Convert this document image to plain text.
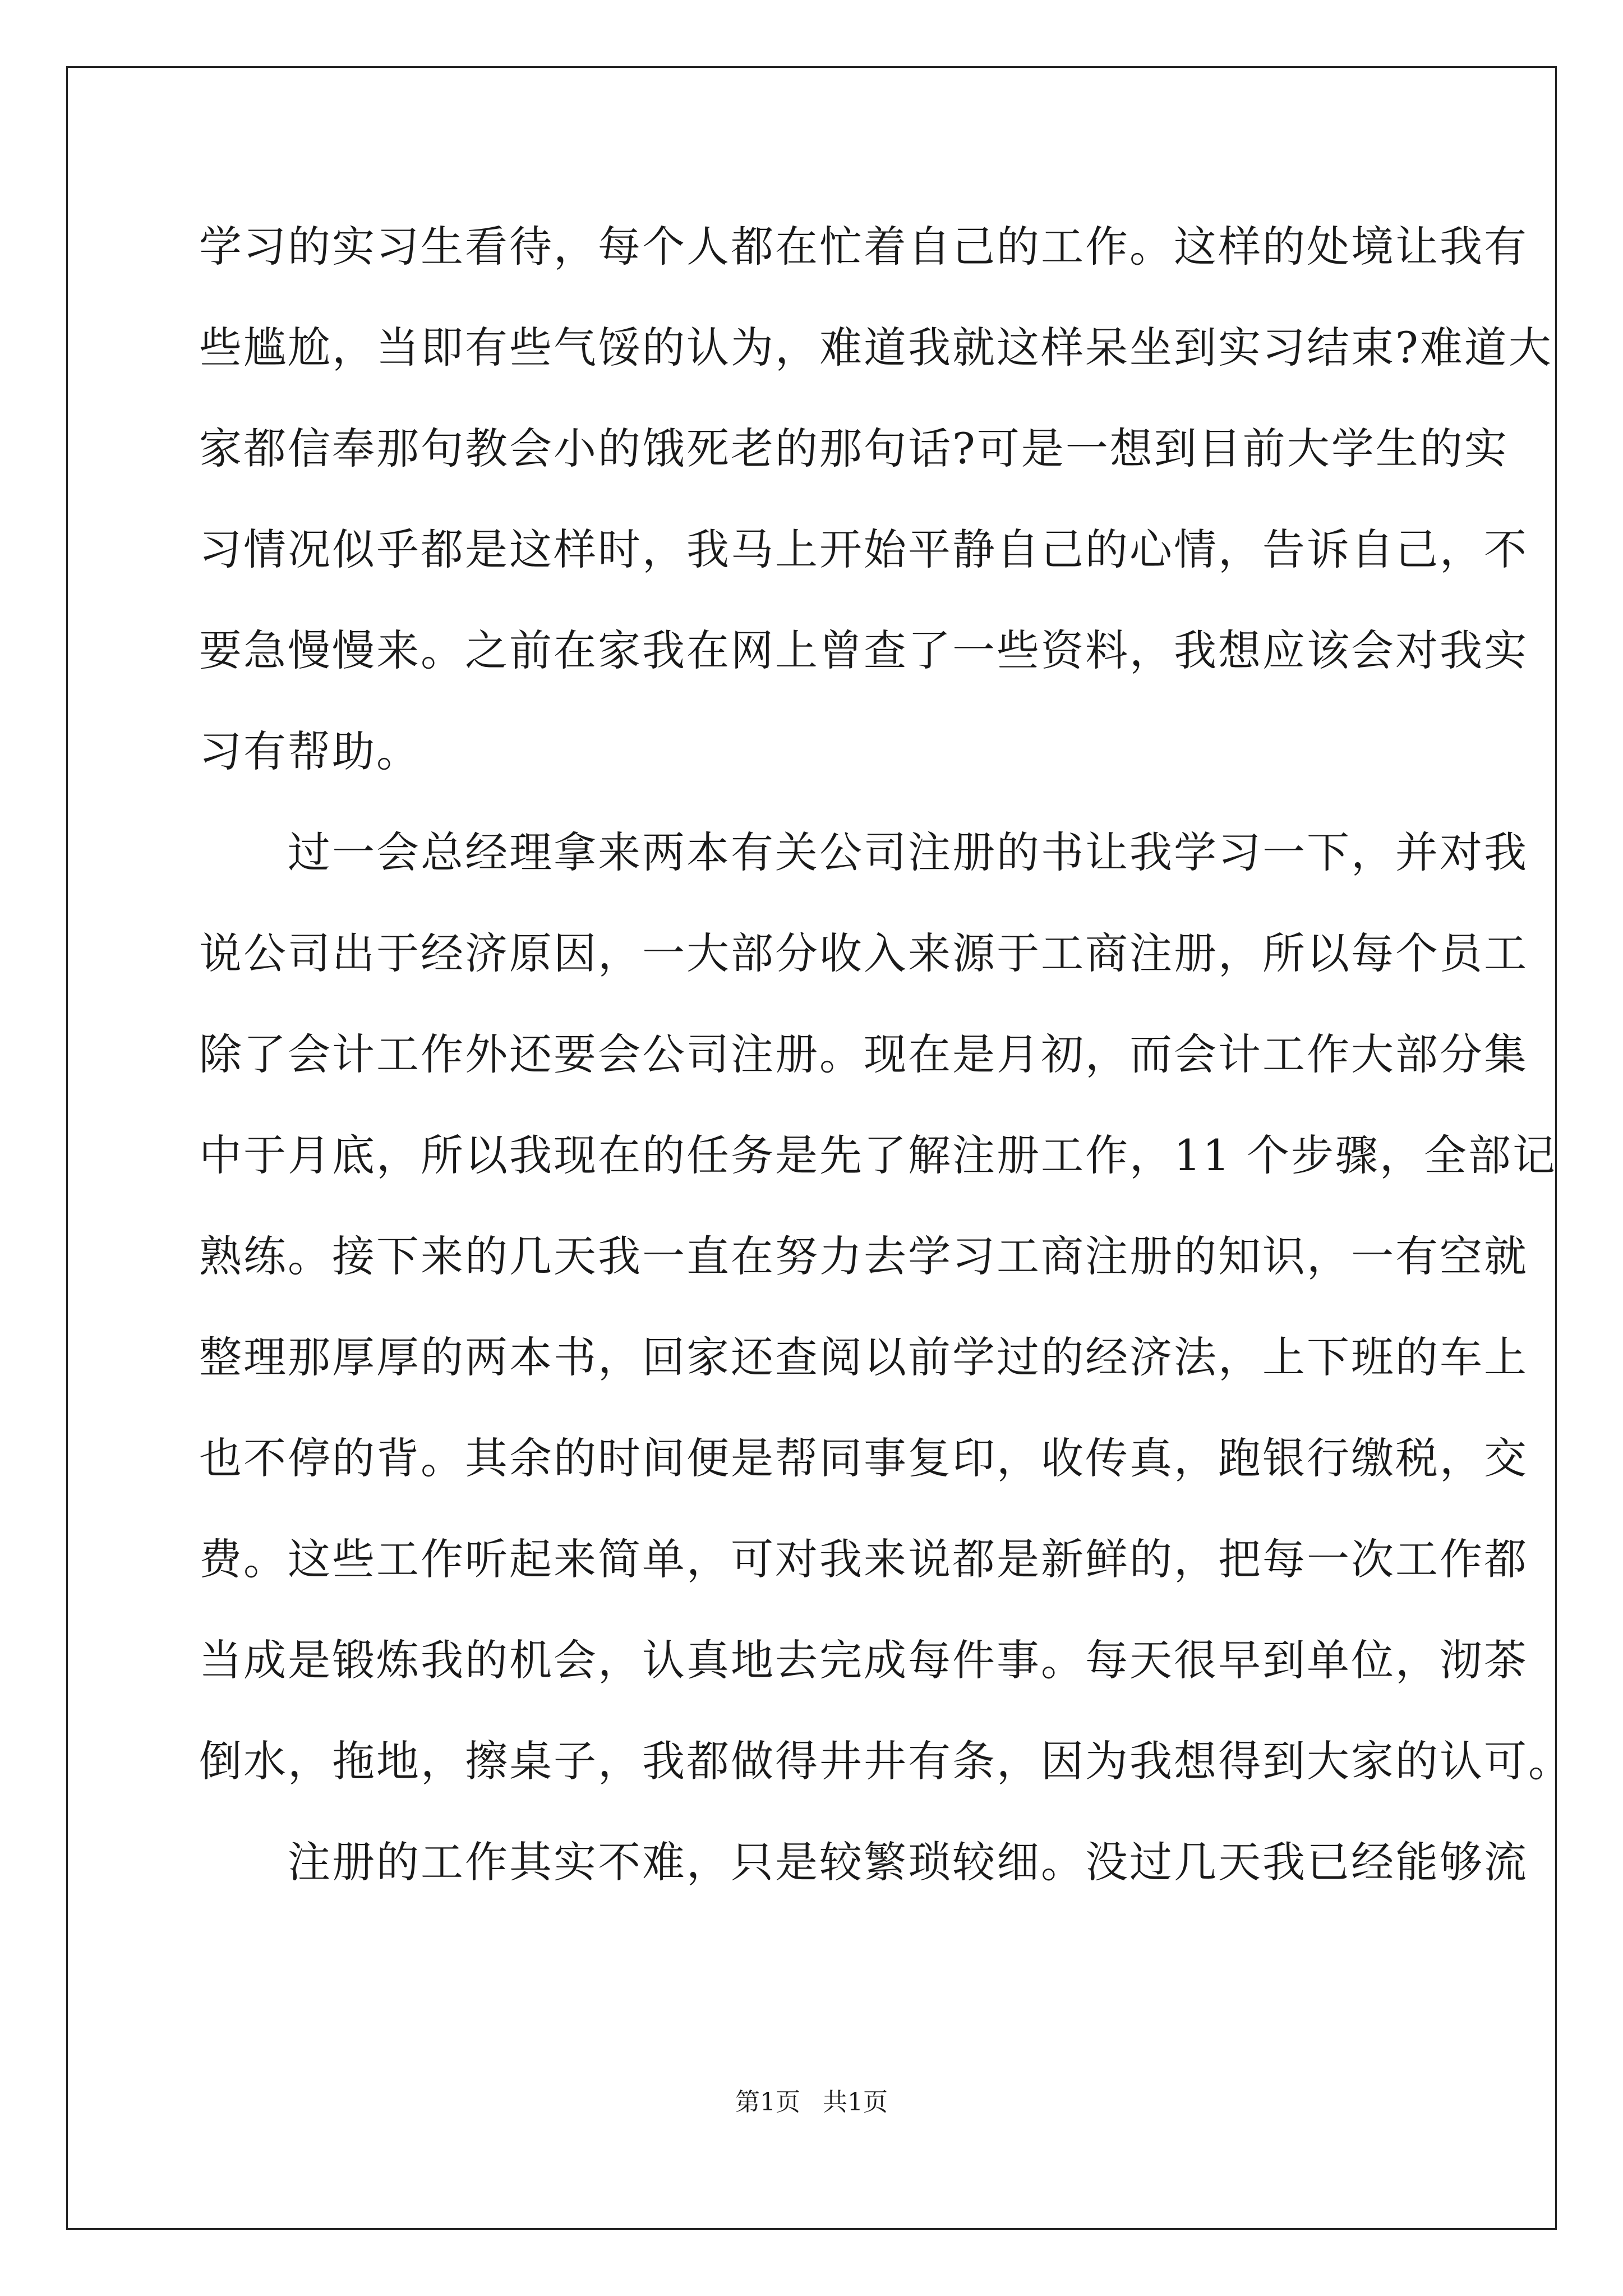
学习的实习生看待，每个人都在忙着自己的工作。这样的处境让我有
些尴尬，当即有些气馁的认为，难道我就这样呆坐到实习结束?难道大
家都信奉那句教会小的饿死老的那句话?可是一想到目前大学生的实
习情况似乎都是这样时，我马上开始平静自己的心情，告诉自己，不
要急慢慢来。之前在家我在网上曾查了一些资料，我想应该会对我实
习有帮助。
　　过一会总经理拿来两本有关公司注册的书让我学习一下，并对我
说公司出于经济原因，一大部分收入来源于工商注册，所以每个员工
除了会计工作外还要会公司注册。现在是月初，而会计工作大部分集
中于月底，所以我现在的任务是先了解注册工作，11 个步骤，全部记
熟练。接下来的几天我一直在努力去学习工商注册的知识，一有空就
整理那厚厚的两本书，回家还查阅以前学过的经济法，上下班的车上
也不停的背。其余的时间便是帮同事复印，收传真，跑银行缴税，交
费。这些工作听起来简单，可对我来说都是新鲜的，把每一次工作都
当成是锻炼我的机会，认真地去完成每件事。每天很早到单位，沏茶
倒水，拖地，擦桌子，我都做得井井有条，因为我想得到大家的认可。
　　注册的工作其实不难，只是较繁琐较细。没过几天我已经能够流
第1页 共1页
